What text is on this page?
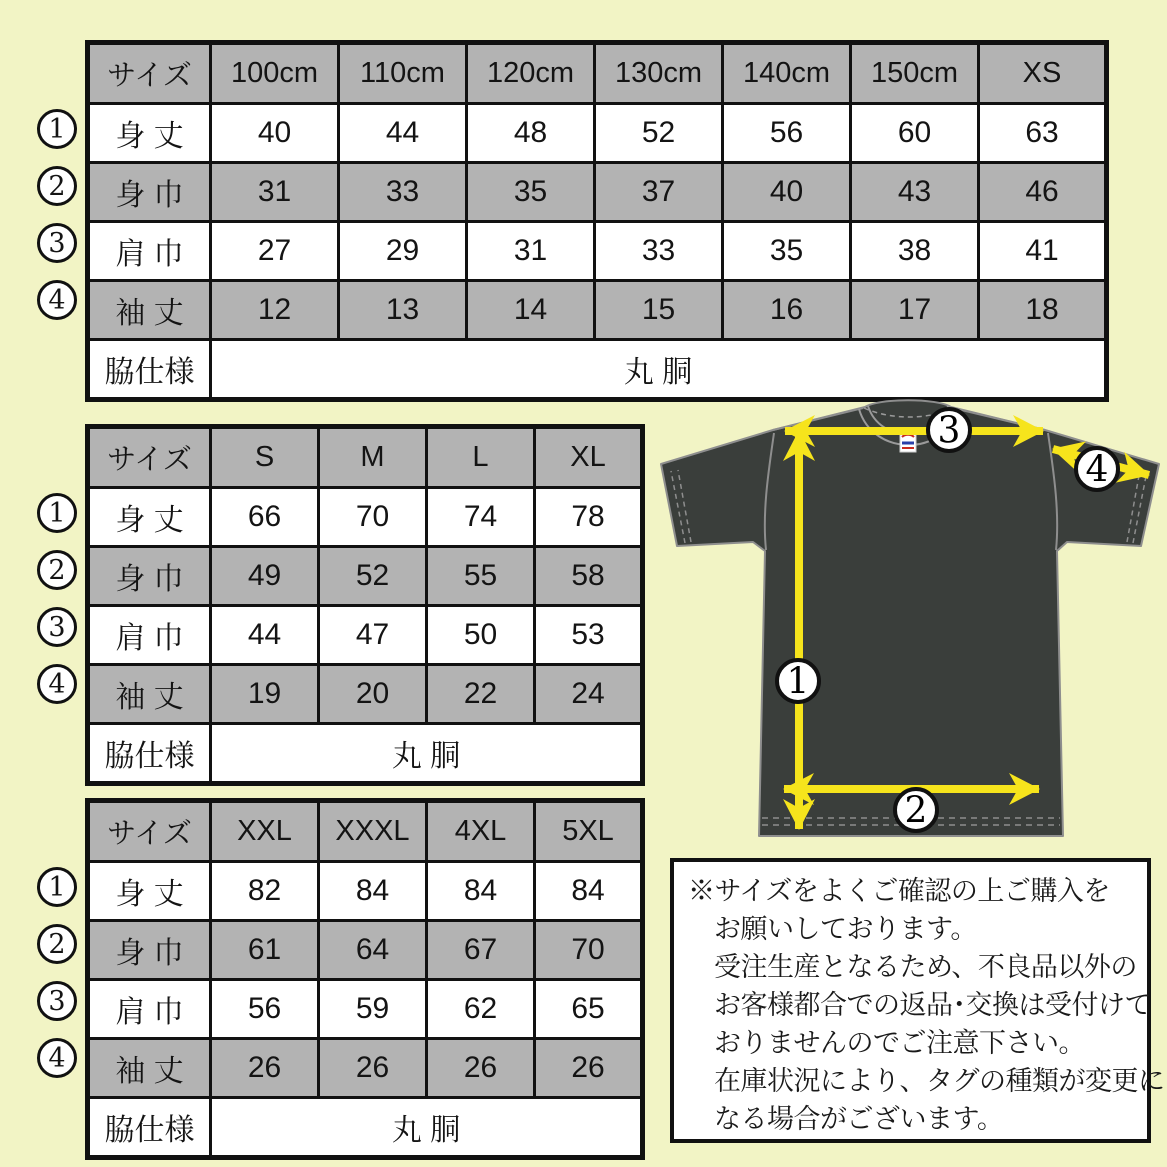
1
2
3
4
サイズ	100cm	110cm	120cm	130cm	140cm	150cm	XS
身 丈	40	44	48	52	56	60	63
身 巾	31	33	35	37	40	43	46
肩 巾	27	29	31	33	35	38	41
袖 丈	12	13	14	15	16	17	18
脇仕様	丸 胴						
1
2
3
4
サイズ	S	M	L	XL
身 丈	66	70	74	78
身 巾	49	52	55	58
肩 巾	44	47	50	53
袖 丈	19	20	22	24
脇仕様	丸 胴			
1
2
3
4
サイズ	XXL	XXXL	4XL	5XL
身 丈	82	84	84	84
身 巾	61	64	67	70
肩 巾	56	59	62	65
袖 丈	26	26	26	26
脇仕様	丸 胴			
1
2
3
4
※サイズをよくご確認の上ご購入を
お願いしております。
受注生産となるため、不良品以外の
お客様都合での返品･交換は受付けて
おりませんのでご注意下さい。
在庫状況により、タグの種類が変更に
なる場合がございます。
